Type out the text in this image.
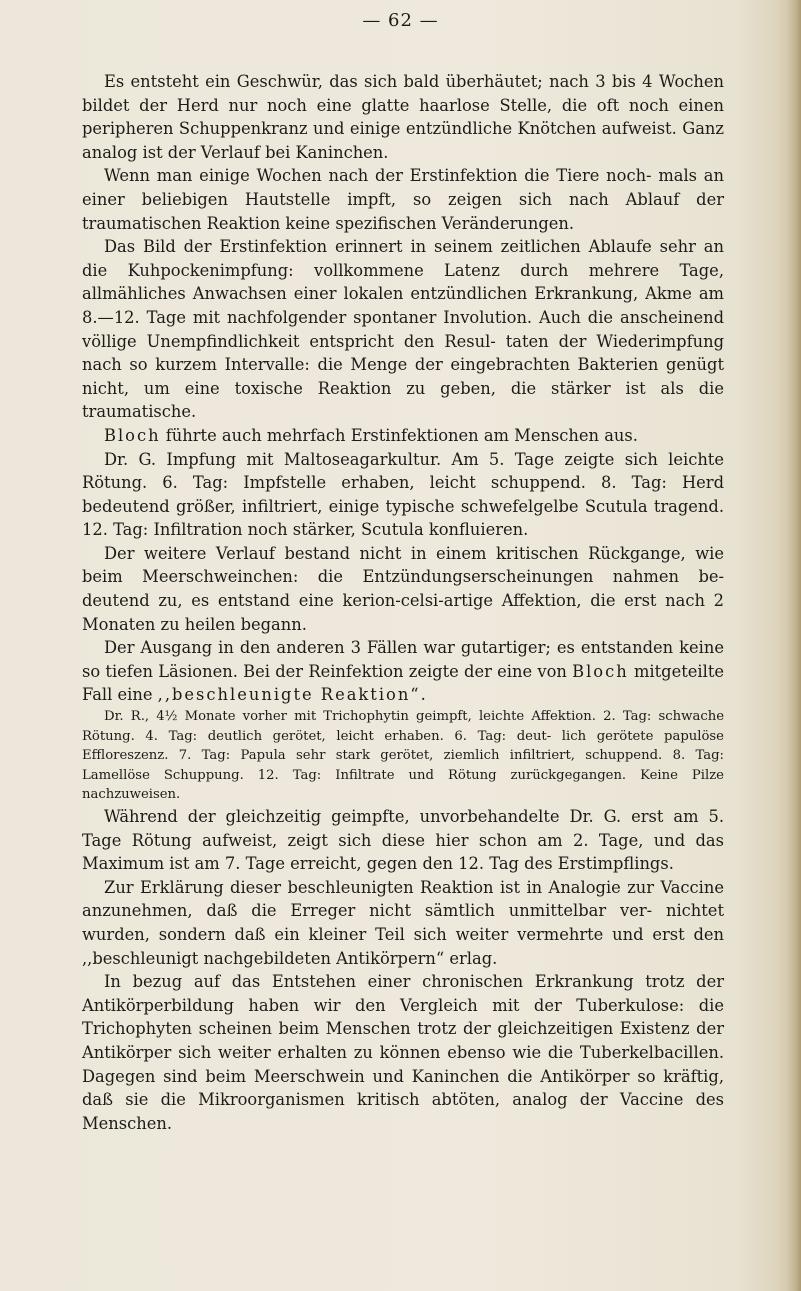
— 62 —

Es entsteht ein Geschwür, das sich bald überhäutet; nach 3 bis 4 Wochen bildet der Herd nur noch eine glatte haarlose Stelle, die oft noch einen peripheren Schuppenkranz und einige entzündliche Knötchen aufweist. Ganz analog ist der Verlauf bei Kaninchen.

Wenn man einige Wochen nach der Erstinfektion die Tiere noch- mals an einer beliebigen Hautstelle impft, so zeigen sich nach Ablauf der traumatischen Reaktion keine spezifischen Veränderungen.

Das Bild der Erstinfektion erinnert in seinem zeitlichen Ablaufe sehr an die Kuhpockenimpfung: vollkommene Latenz durch mehrere Tage, allmähliches Anwachsen einer lokalen entzündlichen Erkrankung, Akme am 8.—12. Tage mit nachfolgender spontaner Involution. Auch die anscheinend völlige Unempfindlichkeit entspricht den Resul- taten der Wiederimpfung nach so kurzem Intervalle: die Menge der eingebrachten Bakterien genügt nicht, um eine toxische Reaktion zu geben, die stärker ist als die traumatische.

Bloch führte auch mehrfach Erstinfektionen am Menschen aus.

Dr. G. Impfung mit Maltoseagarkultur. Am 5. Tage zeigte sich leichte Rötung. 6. Tag: Impfstelle erhaben, leicht schuppend. 8. Tag: Herd bedeutend größer, infiltriert, einige typische schwefelgelbe Scutula tragend. 12. Tag: Infiltration noch stärker, Scutula konfluieren.

Der weitere Verlauf bestand nicht in einem kritischen Rückgange, wie beim Meerschweinchen: die Entzündungserscheinungen nahmen be- deutend zu, es entstand eine kerion-celsi-artige Affektion, die erst nach 2 Monaten zu heilen begann.

Der Ausgang in den anderen 3 Fällen war gutartiger; es entstanden keine so tiefen Läsionen. Bei der Reinfektion zeigte der eine von Bloch mitgeteilte Fall eine ,,beschleunigte Reaktion“.

Dr. R., 4½ Monate vorher mit Trichophytin geimpft, leichte Affektion. 2. Tag: schwache Rötung. 4. Tag: deutlich gerötet, leicht erhaben. 6. Tag: deut- lich gerötete papulöse Effloreszenz. 7. Tag: Papula sehr stark gerötet, ziemlich infiltriert, schuppend. 8. Tag: Lamellöse Schuppung. 12. Tag: Infiltrate und Rötung zurückgegangen. Keine Pilze nachzuweisen.

Während der gleichzeitig geimpfte, unvorbehandelte Dr. G. erst am 5. Tage Rötung aufweist, zeigt sich diese hier schon am 2. Tage, und das Maximum ist am 7. Tage erreicht, gegen den 12. Tag des Erstimpflings.

Zur Erklärung dieser beschleunigten Reaktion ist in Analogie zur Vaccine anzunehmen, daß die Erreger nicht sämtlich unmittelbar ver- nichtet wurden, sondern daß ein kleiner Teil sich weiter vermehrte und erst den ,,beschleunigt nachgebildeten Antikörpern“ erlag.

In bezug auf das Entstehen einer chronischen Erkrankung trotz der Antikörperbildung haben wir den Vergleich mit der Tuberkulose: die Trichophyten scheinen beim Menschen trotz der gleichzeitigen Existenz der Antikörper sich weiter erhalten zu können ebenso wie die Tuberkelbacillen. Dagegen sind beim Meerschwein und Kaninchen die Antikörper so kräftig, daß sie die Mikroorganismen kritisch abtöten, analog der Vaccine des Menschen.
